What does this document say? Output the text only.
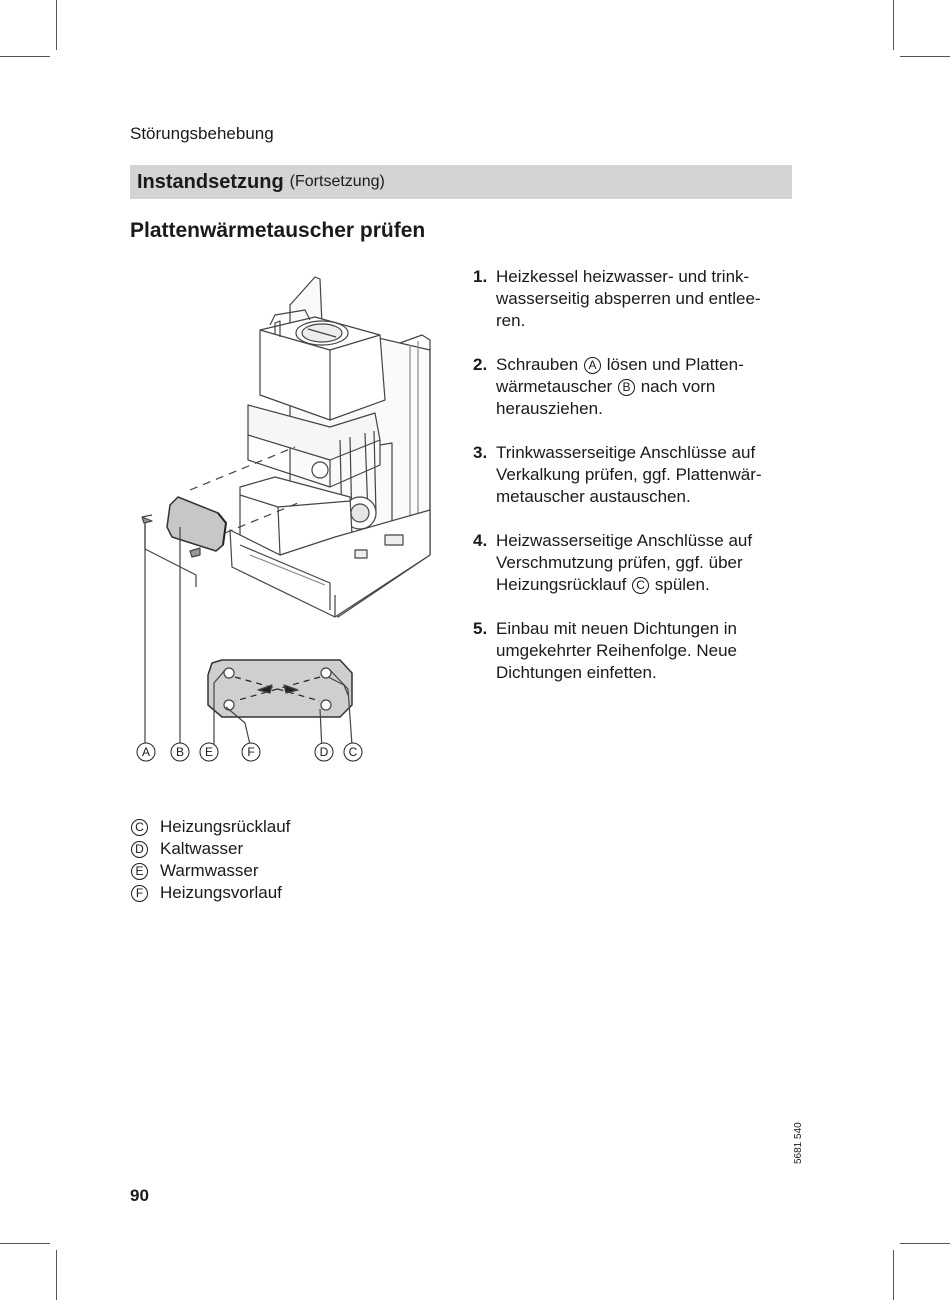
Störungsbehebung
Instandsetzung (Fortsetzung)
Plattenwärmetauscher prüfen
A B E	F	D C
1. Heizkessel heizwasser- und trink-
wasserseitig absperren und entlee-
ren.
2. Schrauben A lösen und Platten-
wärmetauscher B nach vorn
herausziehen.
3. Trinkwasserseitige Anschlüsse auf
Verkalkung prüfen, ggf. Plattenwär-
metauscher austauschen.
4. Heizwasserseitige Anschlüsse auf
Verschmutzung prüfen, ggf. über
Heizungsrücklauf C spülen.
5. Einbau mit neuen Dichtungen in
umgekehrter Reihenfolge. Neue
Dichtungen einfetten.
C Heizungsrücklauf
D Kaltwasser
E Warmwasser
F Heizungsvorlauf
5681 540
90
